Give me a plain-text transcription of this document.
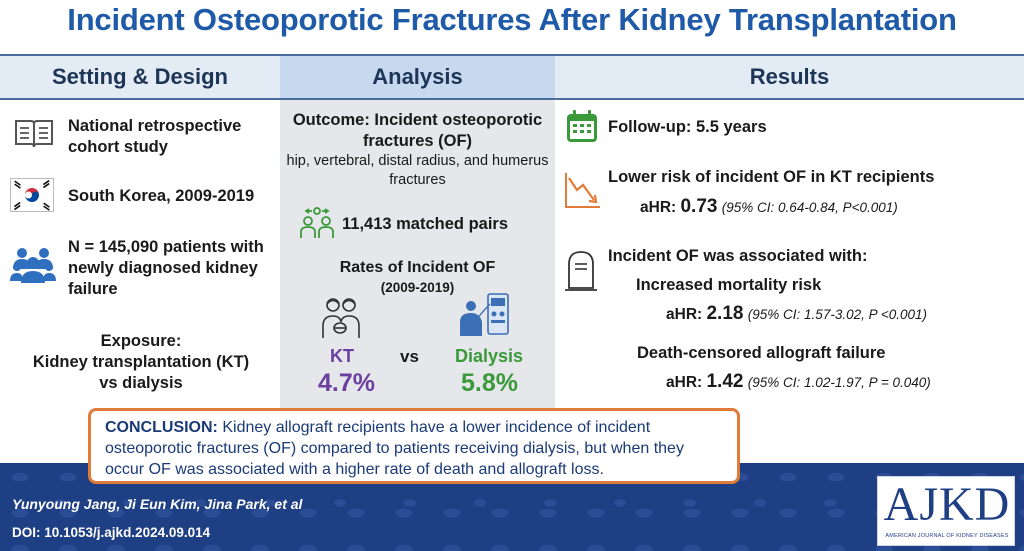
Incident Osteoporotic Fractures After Kidney Transplantation
Setting & Design	Analysis	Results
National retrospective cohort study
South Korea, 2009-2019
N = 145,090 patients with newly diagnosed kidney failure
Exposure:
Kidney transplantation (KT)
vs dialysis
Outcome: Incident osteoporotic fractures (OF)
hip, vertebral, distal radius, and humerus fractures
11,413 matched pairs
Rates of Incident OF
(2009-2019)
KT	vs Dialysis
4.7%	5.8%
Follow-up: 5.5 years
Lower risk of incident OF in KT recipients
aHR: 0.73 (95% CI: 0.64-0.84, P<0.001)
Incident OF was associated with:
Increased mortality risk
aHR: 2.18 (95% CI: 1.57-3.02, P <0.001)
Death-censored allograft failure
aHR: 1.42 (95% CI: 1.02-1.97, P = 0.040)
Yunyoung Jang, Ji Eun Kim, Jina Park, et al
DOI: 10.1053/j.ajkd.2024.09.014
CONCLUSION: Kidney allograft recipients have a lower incidence of incident osteoporotic fractures (OF) compared to patients receiving dialysis, but when they occur OF was associated with a higher rate of death and allograft loss.
AJKD
AMERICAN JOURNAL OF KIDNEY DISEASES
